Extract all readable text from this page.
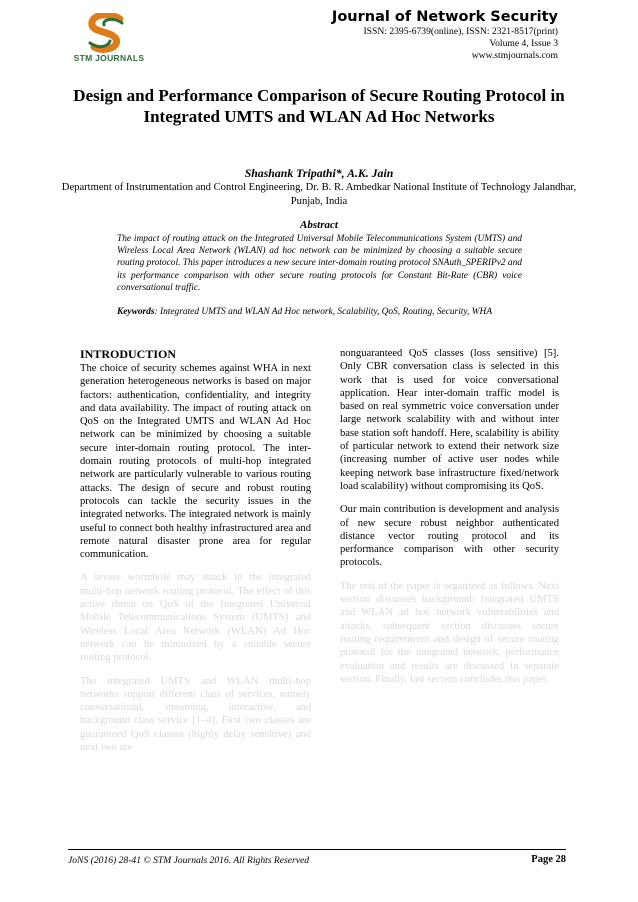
STM JOURNALS
Journal of Network Security
ISSN: 2395-6739(online), ISSN: 2321-8517(print)
Volume 4, Issue 3
www.stmjournals.com
Design and Performance Comparison of Secure Routing Protocol in Integrated UMTS and WLAN Ad Hoc Networks
Shashank Tripathi*, A.K. Jain
Department of Instrumentation and Control Engineering, Dr. B. R. Ambedkar National Institute of Technology Jalandhar, Punjab, India
Abstract
The impact of routing attack on the Integrated Universal Mobile Telecommunications System (UMTS) and Wireless Local Area Network (WLAN) ad hoc network can be minimized by choosing a suitable secure routing protocol. This paper introduces a new secure inter-domain routing protocol SNAuth_SPERIPv2 and its performance comparison with other secure routing protocols for Constant Bit-Rate (CBR) voice conversational traffic.
Keywords: Integrated UMTS and WLAN Ad Hoc network, Scalability, QoS, Routing, Security, WHA
INTRODUCTION

The choice of security schemes against WHA in next generation heterogeneous networks is based on major factors: authentication, confidentiality, and integrity and data availability. The impact of routing attack on QoS on the Integrated UMTS and WLAN Ad Hoc network can be minimized by choosing a suitable secure inter-domain routing protocol. The inter-domain routing protocols of multi-hop integrated network are particularly vulnerable to various routing attacks. The design of secure and robust routing protocols can tackle the security issues in the integrated networks. The integrated network is mainly useful to connect both healthy infrastructured area and remote natural disaster prone area for regular communication.

A severe wormhole may attack in the integrated multi-hop network routing protocol. The effect of this active threat on QoS of the Integrated Universal Mobile Telecommunications System (UMTS) and Wireless Local Area Network (WLAN) Ad Hoc network can be minimized by a suitable secure routing protocol.

The integrated UMTS and WLAN multi-hop networks support different class of services, namely conversational, streaming, interactive, and background class service [1–4]. First two classes are guaranteed QoS classes (highly delay sensitive) and next two are

nonguaranteed QoS classes (loss sensitive) [5]. Only CBR conversation class is selected in this work that is used for voice conversational application. Hear inter-domain traffic model is based on real symmetric voice conversation under large network scalability with and without inter base station soft handoff. Here, scalability is ability of particular network to extend their network size (increasing number of active user nodes while keeping network base infrastructure fixed/network load scalability) without compromising its QoS.

Our main contribution is development and analysis of new secure robust neighbor authenticated distance vector routing protocol and its performance comparison with other security protocols.

The rest of the paper is organized as follows. Next section discusses background: integrated UMTS and WLAN ad hoc network vulnerabilities and attacks, subsequent section discusses secure routing requirements and design of secure routing protocol for the integrated network, performance evaluation and results are discussed in separate section. Finally, last section concludes this paper.

JoNS (2016) 28-41 © STM Journals 2016. All Rights Reserved	Page 28
